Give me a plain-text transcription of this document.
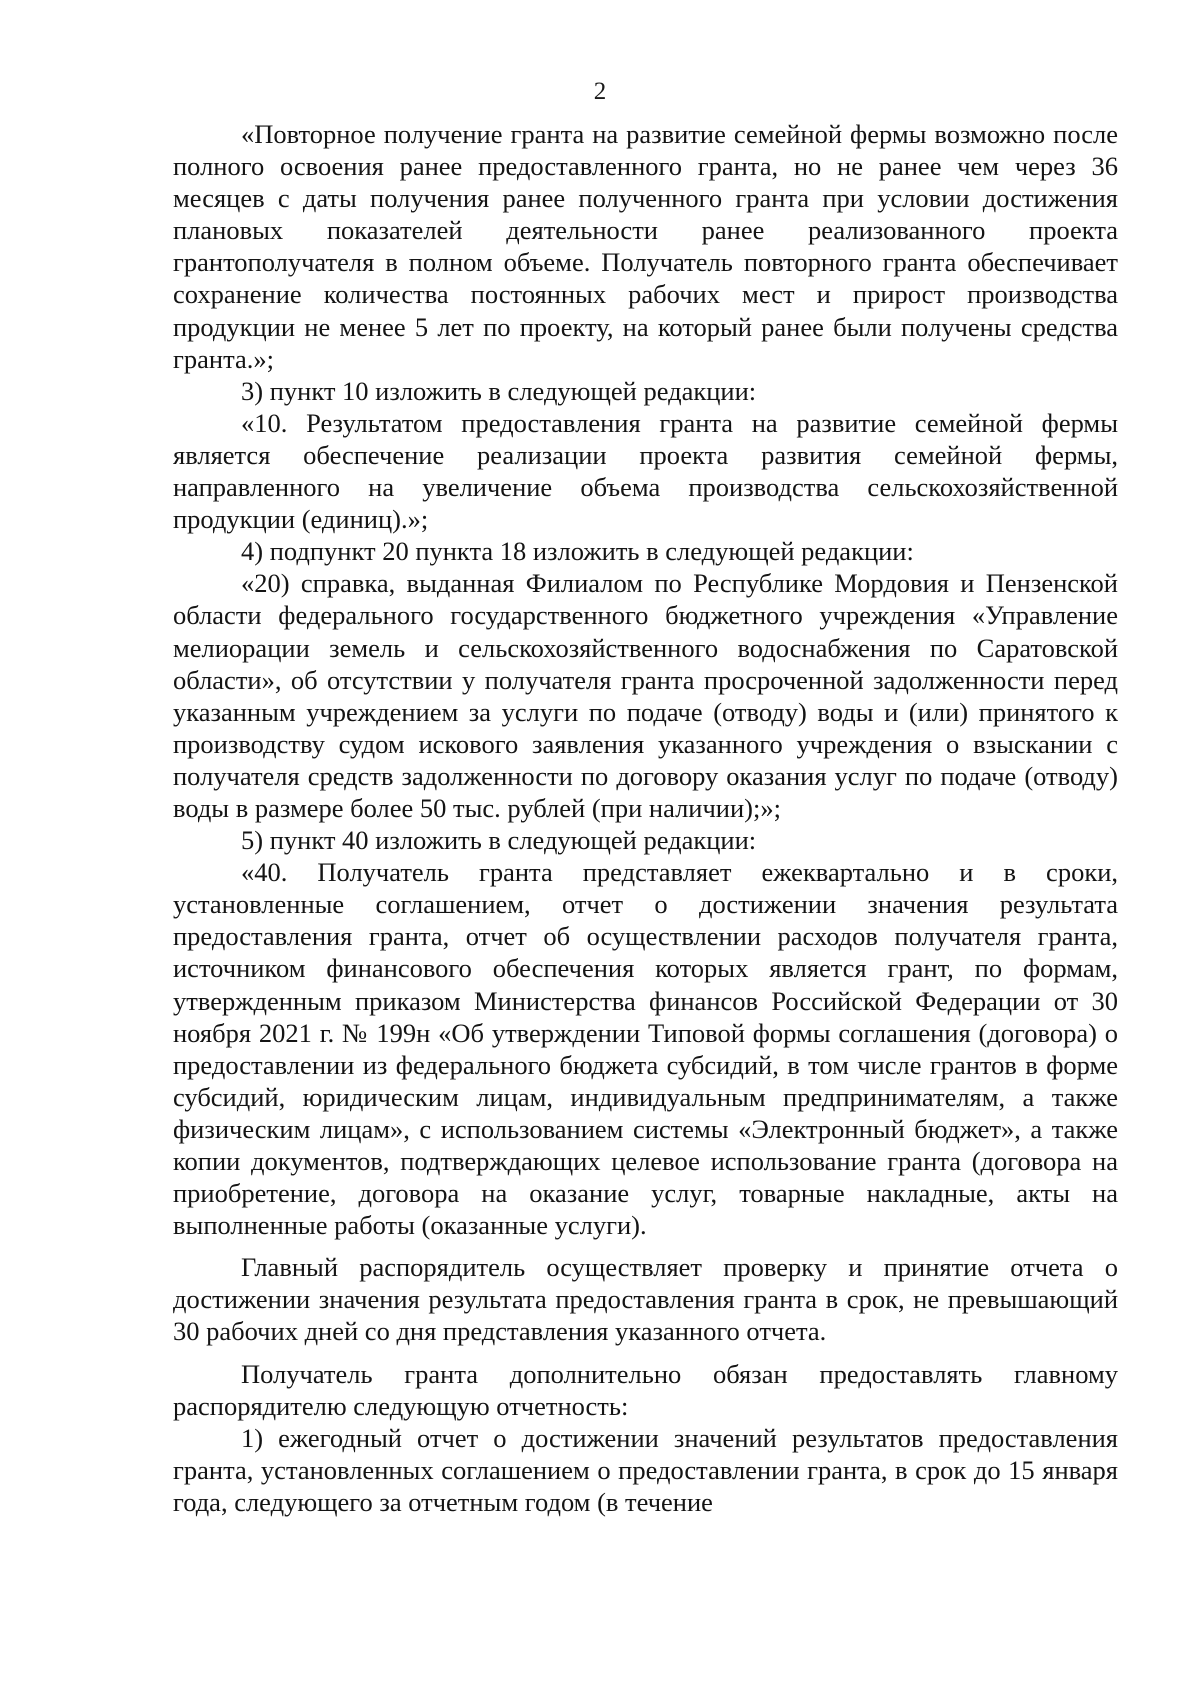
2

«Повторное получение гранта на развитие семейной фермы возможно после полного освоения ранее предоставленного гранта, но не ранее чем через 36 месяцев с даты получения ранее полученного гранта при условии достижения плановых показателей деятельности ранее реализованного проекта грантополучателя в полном объеме. Получатель повторного гранта обеспечивает сохранение количества постоянных рабочих мест и прирост производства продукции не менее 5 лет по проекту, на который ранее были получены средства гранта.»;

3) пункт 10 изложить в следующей редакции:

«10. Результатом предоставления гранта на развитие семейной фермы является обеспечение реализации проекта развития семейной фермы, направленного на увеличение объема производства сельскохозяйственной продукции (единиц).»;

4) подпункт 20 пункта 18 изложить в следующей редакции:

«20) справка, выданная Филиалом по Республике Мордовия и Пензенской области федерального государственного бюджетного учреждения «Управление мелиорации земель и сельскохозяйственного водоснабжения по Саратовской области», об отсутствии у получателя гранта просроченной задолженности перед указанным учреждением за услуги по подаче (отводу) воды и (или) принятого к производству судом искового заявления указанного учреждения о взыскании с получателя средств задолженности по договору оказания услуг по подаче (отводу) воды в размере более 50 тыс. рублей (при наличии);»;

5) пункт 40 изложить в следующей редакции:

«40. Получатель гранта представляет ежеквартально и в сроки, установленные соглашением, отчет о достижении значения результата предоставления гранта, отчет об осуществлении расходов получателя гранта, источником финансового обеспечения которых является грант, по формам, утвержденным приказом Министерства финансов Российской Федерации от 30 ноября 2021 г. № 199н «Об утверждении Типовой формы соглашения (договора) о предоставлении из федерального бюджета субсидий, в том числе грантов в форме субсидий, юридическим лицам, индивидуальным предпринимателям, а также физическим лицам», с использованием системы «Электронный бюджет», а также копии документов, подтверждающих целевое использование гранта (договора на приобретение, договора на оказание услуг, товарные накладные, акты на выполненные работы (оказанные услуги).

Главный распорядитель осуществляет проверку и принятие отчета о достижении значения результата предоставления гранта в срок, не превышающий 30 рабочих дней со дня представления указанного отчета.

Получатель гранта дополнительно обязан предоставлять главному распорядителю следующую отчетность:

1) ежегодный отчет о достижении значений результатов предоставления гранта, установленных соглашением о предоставлении гранта, в срок до 15 января года, следующего за отчетным годом (в течение
